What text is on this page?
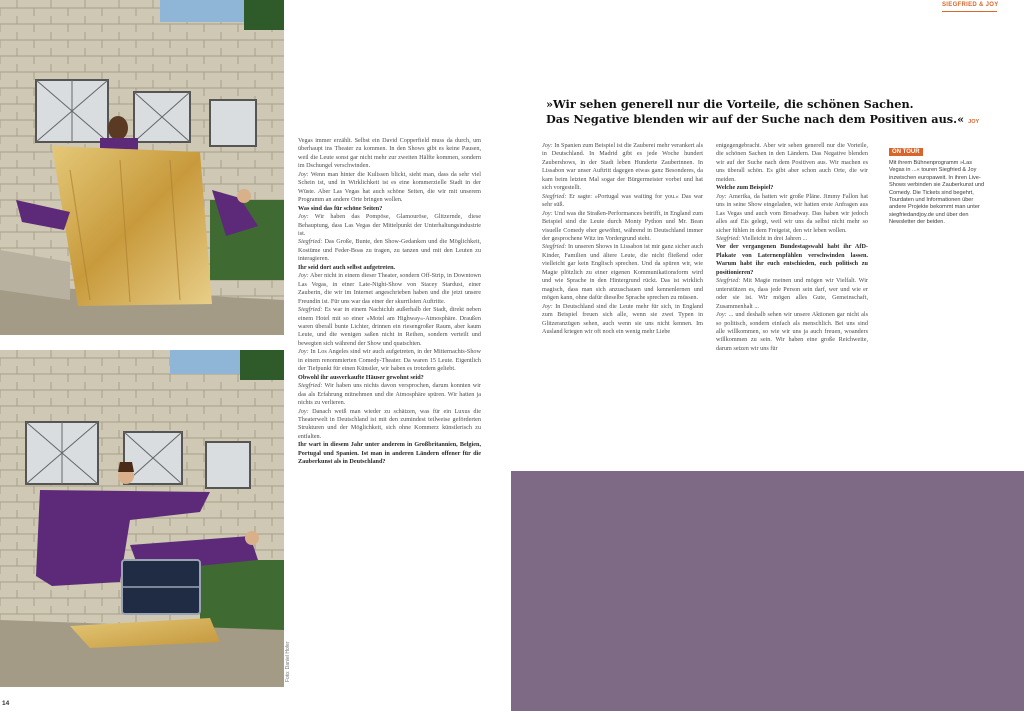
Foto: Daniel Hofer

Vegas immer erzählt. Selbst ein David Copperfield muss da durch, um überhaupt ins Theater zu kommen. In den Shows gibt es keine Pausen, weil die Leute sonst gar nicht mehr zur zweiten Hälfte kommen, sondern im Dschungel verschwinden.

Joy: Wenn man hinter die Kulissen blickt, sieht man, dass da sehr viel Schein ist, und in Wirklichkeit ist es eine kommerzielle Stadt in der Wüste. Aber Las Vegas hat auch schöne Seiten, die wir mit unserem Programm an andere Orte bringen wollen.

Was sind das für schöne Seiten?

Joy: Wir haben das Pompöse, Glamouröse, Glitzernde, diese Behauptung, dass Las Vegas der Mittelpunkt der Unterhaltungsindustrie ist.

Siegfried: Das Große, Bunte, den Show-Gedanken und die Möglichkeit, Kostüme und Feder-Boas zu tragen, zu tanzen und mit den Leuten zu interagieren.

Ihr seid dort auch selbst aufgetreten.

Joy: Aber nicht in einem dieser Theater, sondern Off-Strip, in Downtown Las Vegas, in einer Late-Night-Show von Stacey Stardust, einer Zauberin, die wir im Internet angeschrieben haben und die jetzt unsere Freundin ist. Für uns war das einer der skurrilsten Auftritte.

Siegfried: Es war in einem Nachtclub außerhalb der Stadt, direkt neben einem Hotel mit so einer »Motel am Highway«-Atmosphäre. Draußen waren überall bunte Lichter, drinnen ein riesengroßer Raum, aber kaum Leute, und die wenigen saßen nicht in Reihen, sondern verteilt und bewegten sich während der Show und quatschten.

Joy: In Los Angeles sind wir auch aufgetreten, in der Mitternachts-Show in einem renommierten Comedy-Theater. Da waren 15 Leute. Eigentlich der Tiefpunkt für einen Künstler, wir haben es trotzdem geliebt.

Obwohl ihr ausverkaufte Häuser gewohnt seid?

Siegfried: Wir haben uns nichts davon versprochen, darum konnten wir das als Erfahrung mitnehmen und die Atmosphäre spüren. Wir hatten ja nichts zu verlieren.

Joy: Danach weiß man wieder zu schätzen, was für ein Luxus die Theaterwelt in Deutschland ist mit den zumindest teilweise geförderten Strukturen und der Möglichkeit, sich ohne Kommerz künstlerisch zu entfalten.

Ihr wart in diesem Jahr unter anderem in Großbritannien, Belgien, Portugal und Spanien. Ist man in anderen Ländern offener für die Zauberkunst als in Deutschland?

Joy: In Spanien zum Beispiel ist die Zauberei mehr verankert als in Deutschland. In Madrid gibt es jede Woche hundert Zaubershows, in der Stadt leben Hunderte Zauberinnen. In Lissabon war unser Auftritt dagegen etwas ganz Besonderes, da kam beim letzten Mal sogar der Bürgermeister vorbei und hat sich vorgestellt.

Siegfried: Er sagte: »Portugal was waiting for you.« Das war sehr süß.

Joy: Und was die Straßen-Performances betrifft, in England zum Beispiel sind die Leute durch Monty Python und Mr. Bean visuelle Comedy eher gewöhnt, während in Deutschland immer der gesprochene Witz im Vordergrund steht.

Siegfried: In unseren Shows in Lissabon ist mir ganz sicher auch Kinder, Familien und ältere Leute, die nicht fließend oder vielleicht gar kein Englisch sprechen. Und da spüren wir, wie Magie plötzlich zu einer eigenen Kommunikationsform wird und wie Sprache in den Hintergrund rückt. Das ist wirklich magisch, dass man sich anzuschauen und kennenlernen und mögen kann, ohne dafür dieselbe Sprache sprechen zu müssen.

Joy: In Deutschland sind die Leute mehr für sich, in England zum Beispiel freuen sich alle, wenn sie zwei Typen in Glitzeranzügen sehen, auch wenn sie uns nicht kennen. Im Ausland kriegen wir oft noch ein wenig mehr Liebe

entgegengebracht. Aber wir sehen generell nur die Vorteile, die schönen Sachen in den Ländern. Das Negative blenden wir auf der Suche nach dem Positiven aus. Wir machen es uns überall schön. Es gibt aber schon auch Orte, die wir meiden.

Welche zum Beispiel?

Joy: Amerika, da hatten wir große Pläne. Jimmy Fallon hat uns in seine Show eingeladen, wir hatten erste Anfragen aus Las Vegas und auch vom Broadway. Das haben wir jedoch alles auf Eis gelegt, weil wir uns da selbst nicht mehr so sicher fühlen in dem Freigeist, den wir leben wollen.

Siegfried: Vielleicht in drei Jahren ...

Vor der vergangenen Bundestagswahl habt ihr AfD-Plakate von Laternenpfählen verschwinden lassen. Warum habt ihr euch entschieden, euch politisch zu positionieren?

Siegfried: Mit Magie meinen und mögen wir Vielfalt. Wir unterstützen es, dass jede Person sein darf, wer und wie er oder sie ist. Wir mögen alles Gute, Gemeinschaft, Zusammenhalt ...

Joy: ... und deshalb sehen wir unsere Aktionen gar nicht als so politisch, sondern einfach als menschlich. Bei uns sind alle willkommen, so wie wir uns ja auch freuen, woanders willkommen zu sein. Wir haben eine große Reichweite, darum setzen wir uns für

»Wir sehen generell nur die Vorteile, die schönen Sachen.
Das Negative blenden wir auf der Suche nach dem Positiven aus.« JOY
SIEGFRIED & JOY
ON TOUR
Mit ihrem Bühnenprogramm »Las Vegas in ...« touren Siegfried & Joy inzwischen europaweit. In ihren Live-Shows verbinden sie Zauberkunst und Comedy. Die Tickets sind begehrt, Tourdaten und Informationen über andere Projekte bekommt man unter siegfriedandjoy.de und über den Newsletter der beiden.
14
